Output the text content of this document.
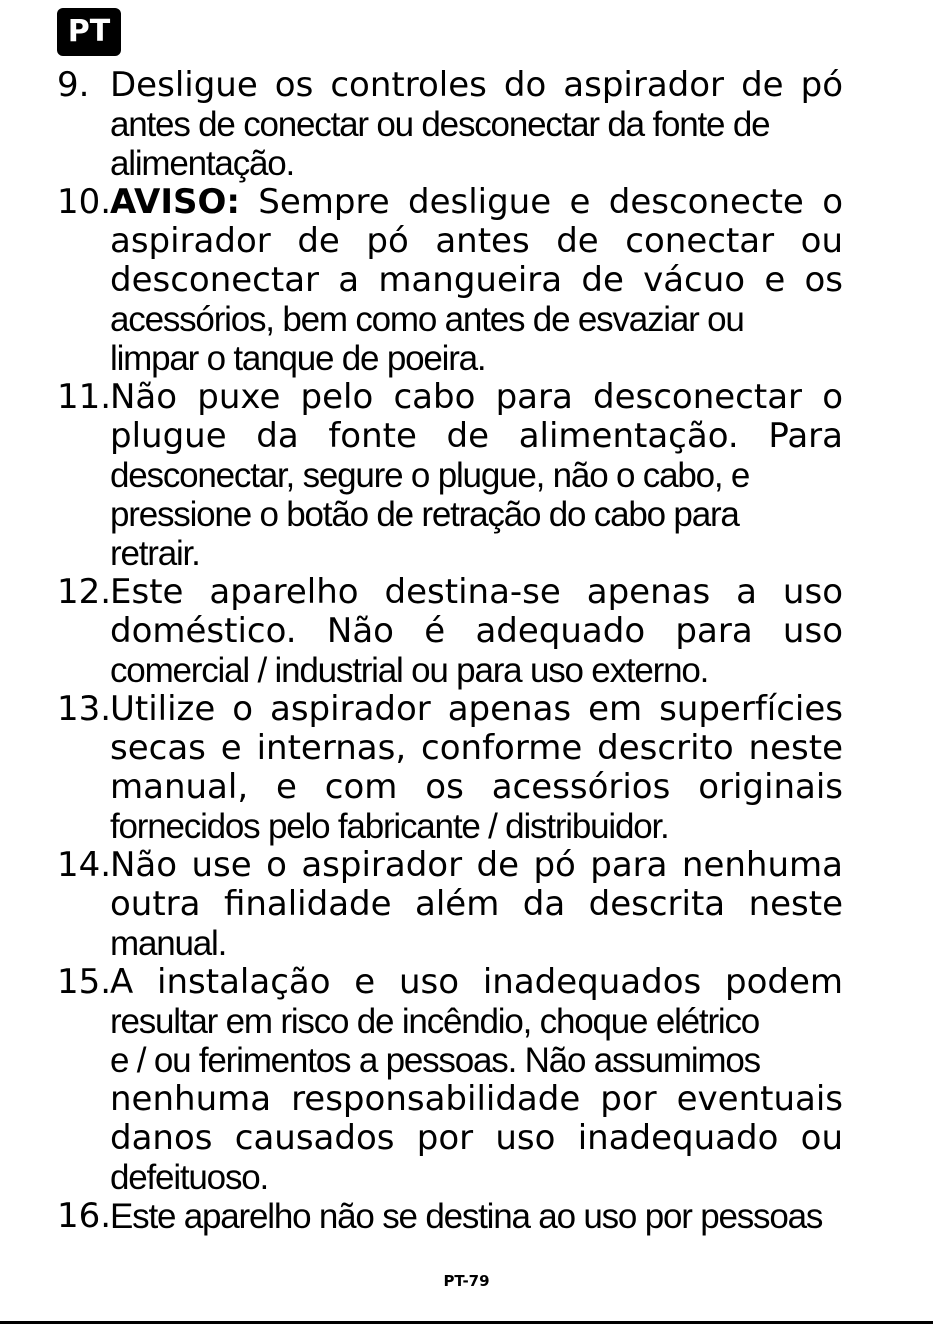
PT
9. Desligue os controles do aspirador de pó
antes de conectar ou desconectar da fonte de
alimentação.
10.
AVISO: Sempre desligue e desconecte o
aspirador de pó antes de conectar ou
desconectar a mangueira de vácuo e os
acessórios, bem como antes de esvaziar ou
limpar o tanque de poeira.
11.
Não puxe pelo cabo para desconectar o
plugue da fonte de alimentação. Para
desconectar, segure o plugue, não o cabo, e
pressione o botão de retração do cabo para
retrair.
12.
Este aparelho destina-se apenas a uso
doméstico. Não é adequado para uso
comercial / industrial ou para uso externo.
13.
Utilize o aspirador apenas em superfícies
secas e internas, conforme descrito neste
manual, e com os acessórios originais
fornecidos pelo fabricante / distribuidor.
14.
Não use o aspirador de pó para nenhuma
outra finalidade além da descrita neste
manual.
15.
A instalação e uso inadequados podem
resultar em risco de incêndio, choque elétrico
e / ou ferimentos a pessoas. Não assumimos
nenhuma responsabilidade por eventuais
danos causados por uso inadequado ou
defeituoso.
16.
Este aparelho não se destina ao uso por pessoas
PT-79
